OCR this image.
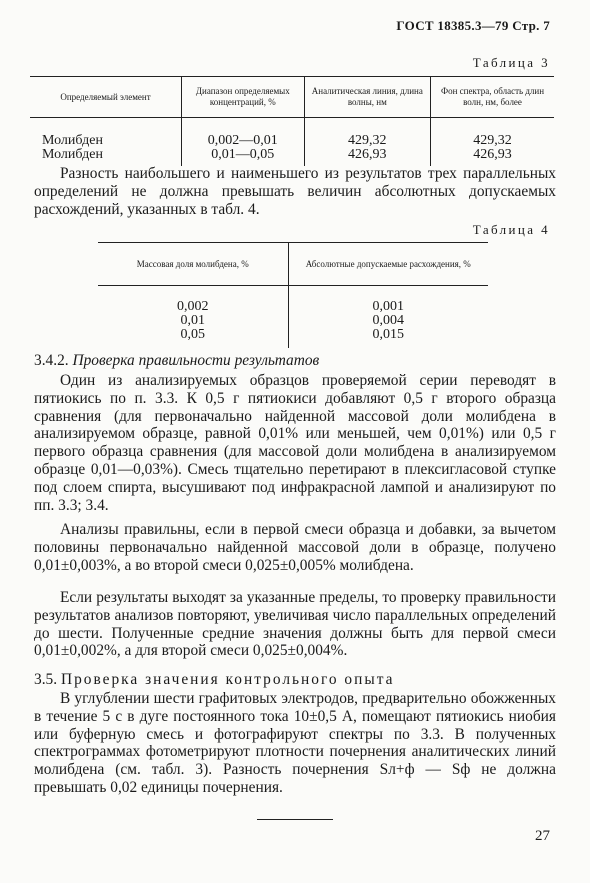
ГОСТ 18385.3—79 Стр. 7
Таблица 3
Определяемый элемент	Диапазон определяемых концентраций, %	Аналитическая линия, длина волны, нм	Фон спектра, область длин волн, нм, более
Молибден	0,002—0,01	429,32	429,32
Молибден	0,01—0,05	426,93	426,93

Разность наибольшего и наименьшего из результатов трех параллельных определений не должна превышать величин абсолютных допускаемых расхождений, указанных в табл. 4.

Таблица 4
Массовая доля молибдена, %	Абсолютные допускаемые расхождения, %
0,002	0,001
0,01	0,004
0,05	0,015
3.4.2. Проверка правильности результатов

Один из анализируемых образцов проверяемой серии переводят в пятиокись по п. 3.3. К 0,5 г пятиокиси добавляют 0,5 г второго образца сравнения (для первоначально найденной массовой доли молибдена в анализируемом образце, равной 0,01% или меньшей, чем 0,01%) или 0,5 г первого образца сравнения (для массовой доли молибдена в анализируемом образце 0,01—0,03%). Смесь тщательно перетирают в плексигласовой ступке под слоем спирта, высушивают под инфракрасной лампой и анализируют по пп. 3.3; 3.4.

Анализы правильны, если в первой смеси образца и добавки, за вычетом половины первоначально найденной массовой доли в образце, получено 0,01±0,003%, а во второй смеси 0,025±0,005% молибдена.

Если результаты выходят за указанные пределы, то проверку правильности результатов анализов повторяют, увеличивая число параллельных определений до шести. Полученные средние значения должны быть для первой смеси 0,01±0,002%, а для второй смеси 0,025±0,004%.

3.5. Проверка значения контрольного опыта

В углублении шести графитовых электродов, предварительно обожженных в течение 5 с в дуге постоянного тока 10±0,5 А, помещают пятиокись ниобия или буферную смесь и фотографируют спектры по 3.3. В полученных спектрограммах фотометрируют плотности почернения аналитических линий молибдена (см. табл. 3). Разность почернения Sл+ф — Sф не должна превышать 0,02 единицы почернения.

27
